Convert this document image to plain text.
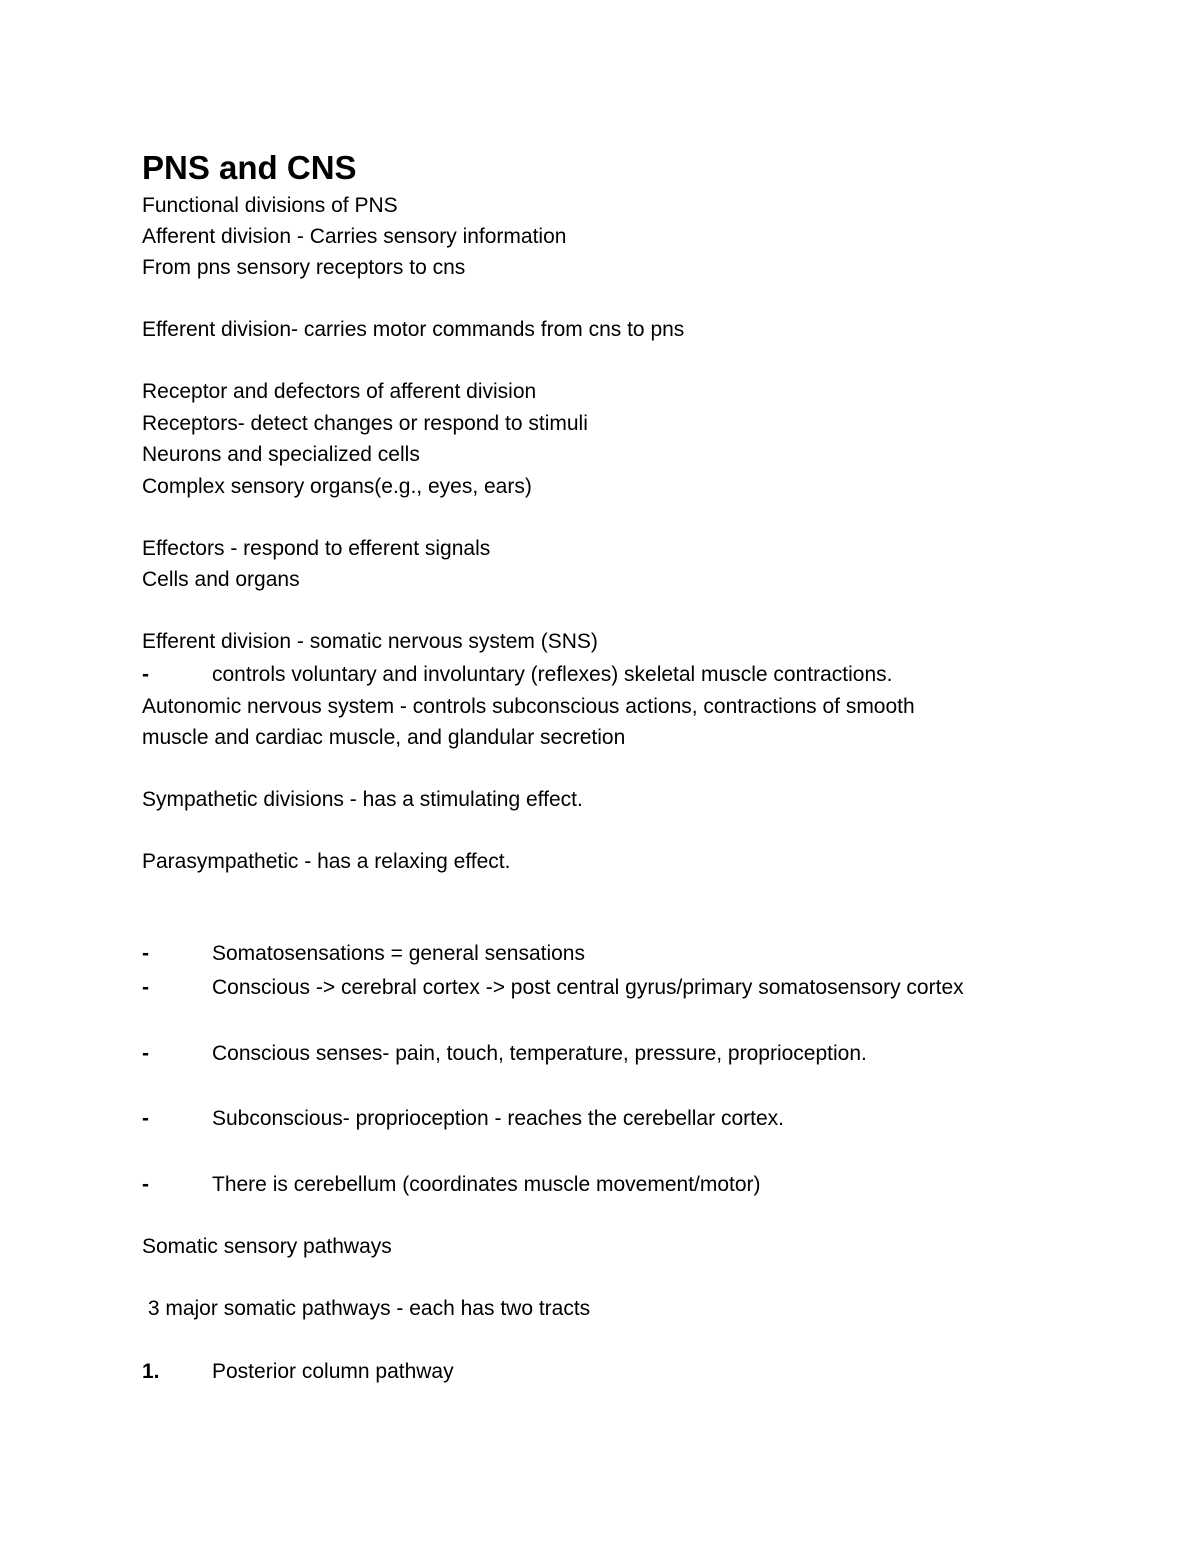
PNS and CNS
Functional divisions of PNS
Afferent division - Carries sensory information
From pns sensory receptors to cns
Efferent division- carries motor commands from cns to pns
Receptor and defectors of afferent division
Receptors- detect changes or respond to stimuli
Neurons and specialized cells
Complex sensory organs(e.g., eyes, ears)
Effectors - respond to efferent signals
Cells and organs
Efferent division - somatic nervous system (SNS)
-	controls voluntary and involuntary (reflexes) skeletal muscle contractions.
Autonomic nervous system - controls subconscious actions, contractions of smooth
muscle and cardiac muscle, and glandular secretion
Sympathetic divisions - has a stimulating effect.
Parasympathetic - has a relaxing effect.
-	Somatosensations = general sensations
-	Conscious -> cerebral cortex -> post central gyrus/primary somatosensory cortex
-	Conscious senses- pain, touch, temperature, pressure, proprioception.
-	Subconscious- proprioception - reaches the cerebellar cortex.
-	There is cerebellum (coordinates muscle movement/motor)
Somatic sensory pathways
3 major somatic pathways - each has two tracts
1. Posterior column pathway
